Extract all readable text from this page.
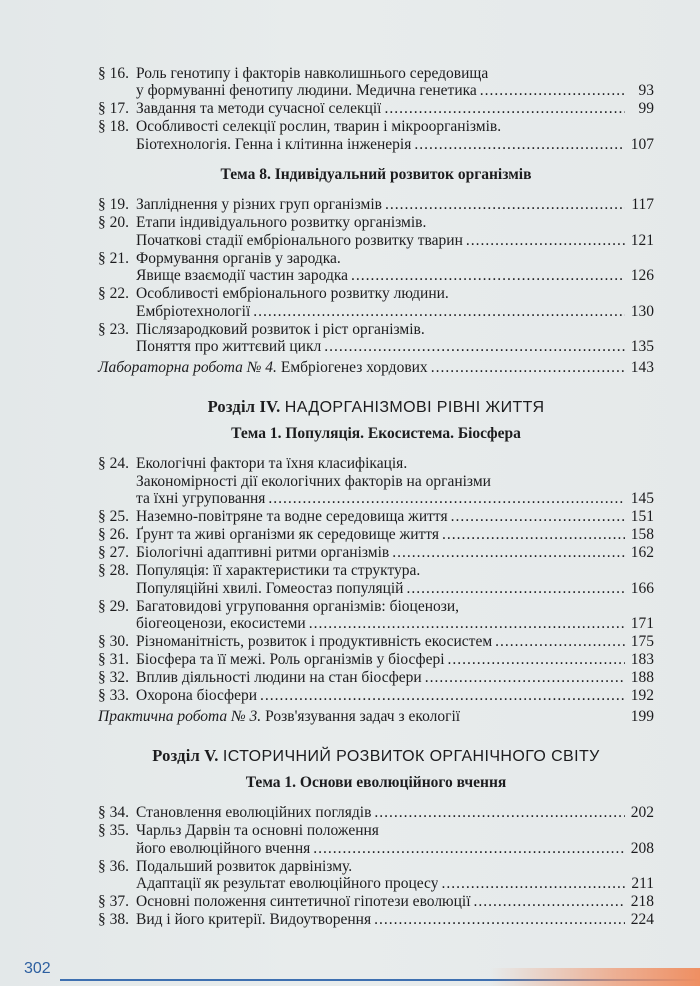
§ 16. Роль генотипу і факторів навколишнього середовища
у формуванні фенотипу людини. Медична генетика .....	93
§ 17. Завдання та методи сучасної селекції .....	99
§ 18. Особливості селекції рослин, тварин і мікроорганізмів.
Біотехнологія. Генна і клітинна інженерія .....	107
Тема 8. Індивідуальний розвиток організмів
§ 19. Запліднення у різних груп організмів .....	117
§ 20. Етапи індивідуального розвитку організмів.
Початкові стадії ембріонального розвитку тварин .....	121
§ 21. Формування органів у зародка.
Явище взаємодії частин зародка .....	126
§ 22. Особливості ембріонального розвитку людини.
Ембріотехнології .....	130
§ 23. Післязародковий розвиток і ріст організмів.
Поняття про життєвий цикл .....	135
Лабораторна робота № 4. Ембріогенез хордових .....	143
Розділ IV. НАДОРГАНІЗМОВІ РІВНІ ЖИТТЯ
Тема 1. Популяція. Екосистема. Біосфера
§ 24. Екологічні фактори та їхня класифікація.
Закономірності дії екологічних факторів на організми
та їхні угруповання .....	145
§ 25. Наземно-повітряне та водне середовища життя .....	151
§ 26. Ґрунт та живі організми як середовище життя .....	158
§ 27. Біологічні адаптивні ритми організмів .....	162
§ 28. Популяція: її характеристики та структура.
Популяційні хвилі. Гомеостаз популяцій .....	166
§ 29. Багатовидові угруповання організмів: біоценози,
біогеоценози, екосистеми .....	171
§ 30. Різноманітність, розвиток і продуктивність екосистем .....	175
§ 31. Біосфера та її межі. Роль організмів у біосфері .....	183
§ 32. Вплив діяльності людини на стан біосфери .....	188
§ 33. Охорона біосфери .....	192
Практична робота № 3. Розв'язування задач з екології	199
Розділ V. ІСТОРИЧНИЙ РОЗВИТОК ОРГАНІЧНОГО СВІТУ
Тема 1. Основи еволюційного вчення
§ 34. Становлення еволюційних поглядів .....	202
§ 35. Чарльз Дарвін та основні положення
його еволюційного вчення .....	208
§ 36. Подальший розвиток дарвінізму.
Адаптації як результат еволюційного процесу .....	211
§ 37. Основні положення синтетичної гіпотези еволюції .....	218
§ 38. Вид і його критерії. Видоутворення .....	224
302
